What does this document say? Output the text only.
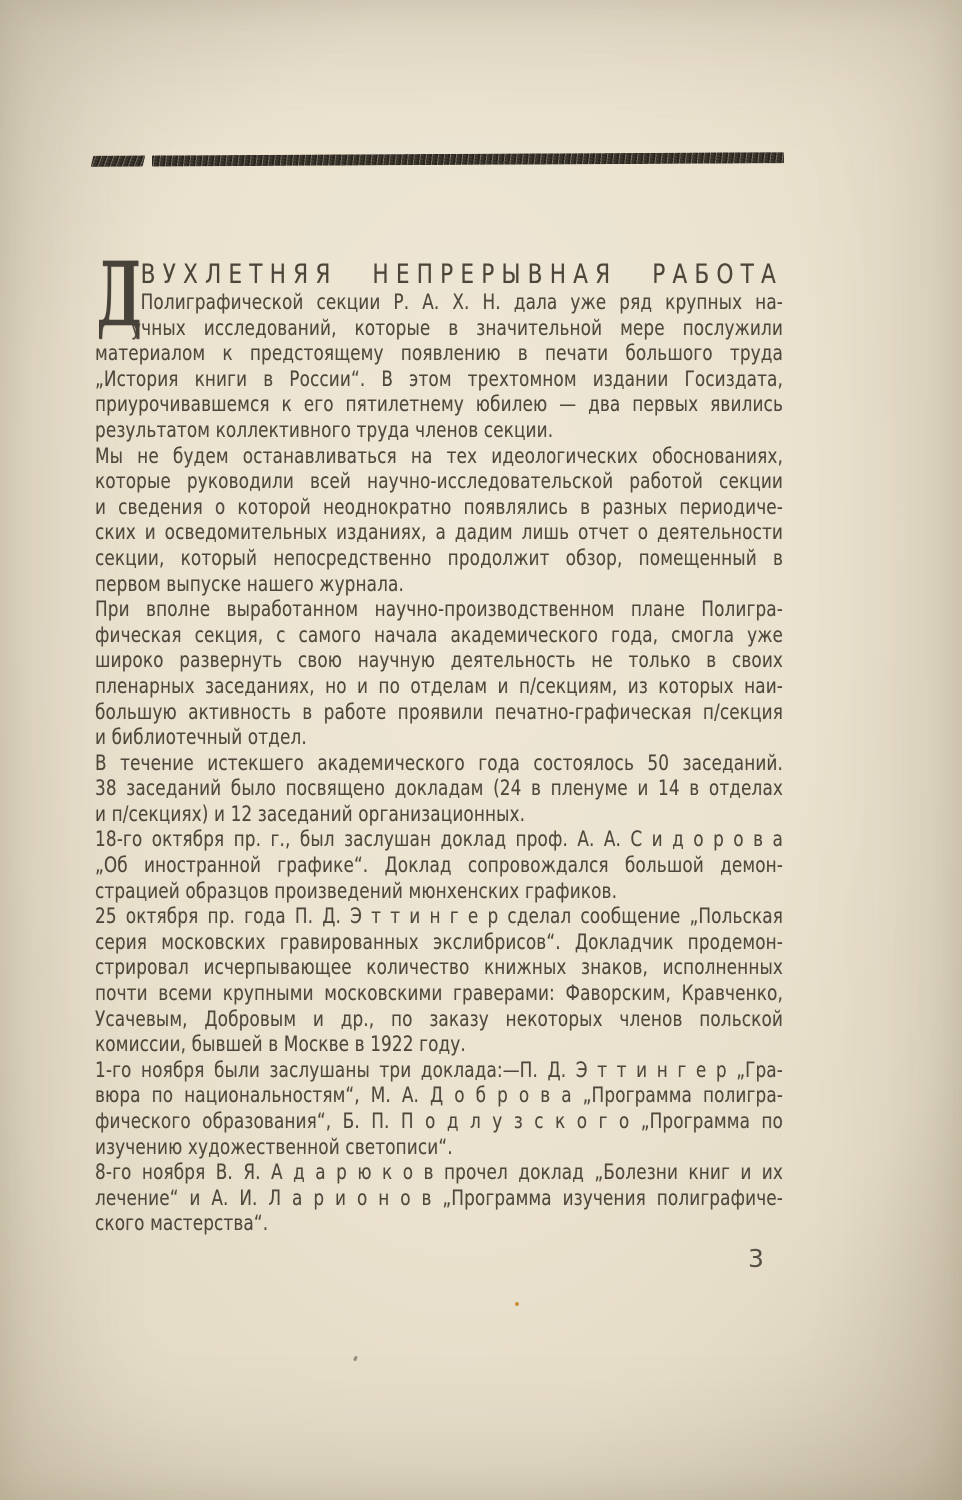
Д
ВУХЛЕТНЯЯ НЕПРЕРЫВНАЯ РАБОТА
Полиграфической секции Р. А. Х. Н. дала уже ряд крупных на-
учных исследований, которые в значительной мере послужили
материалом к предстоящему появлению в печати большого труда
„История книги в России“. В этом трехтомном издании Госиздата,
приурочивавшемся к его пятилетнему юбилею — два первых явились
результатом коллективного труда членов секции.
Мы не будем останавливаться на тех идеологических обоснованиях,
которые руководили всей научно-исследовательской работой секции
и сведения о которой неоднократно появлялись в разных периодиче-
ских и осведомительных изданиях, а дадим лишь отчет о деятельности
секции, который непосредственно продолжит обзор, помещенный в
первом выпуске нашего журнала.
При вполне выработанном научно-производственном плане Полигра-
фическая секция, с самого начала академического года, смогла уже
широко развернуть свою научную деятельность не только в своих
пленарных заседаниях, но и по отделам и п/секциям, из которых наи-
большую активность в работе проявили печатно-графическая п/секция
и библиотечный отдел.
В течение истекшего академического года состоялось 50 заседаний.
38 заседаний было посвящено докладам (24 в пленуме и 14 в отделах
и п/секциях) и 12 заседаний организационных.
18-го октября пр. г., был заслушан доклад проф. А. А. С и д о р о в а
„Об иностранной графике“. Доклад сопровождался большой демон-
страцией образцов произведений мюнхенских графиков.
25 октября пр. года П. Д. Э т т и н г е р сделал сообщение „Польская
серия московских гравированных экслибрисов“. Докладчик продемон-
стрировал исчерпывающее количество книжных знаков, исполненных
почти всеми крупными московскими граверами: Фаворским, Кравченко,
Усачевым, Добровым и др., по заказу некоторых членов польской
комиссии, бывшей в Москве в 1922 году.
1-го ноября были заслушаны три доклада:—П. Д. Э т т и н г е р „Гра-
вюра по национальностям“, М. А. Д о б р о в а „Программа полигра-
фического образования“, Б. П. П о д л у з с к о г о „Программа по
изучению художественной светописи“.
8-го ноября В. Я. А д а р ю к о в прочел доклад „Болезни книг и их
лечение“ и А. И. Л а р и о н о в „Программа изучения полиграфиче-
ского мастерства“.
3
